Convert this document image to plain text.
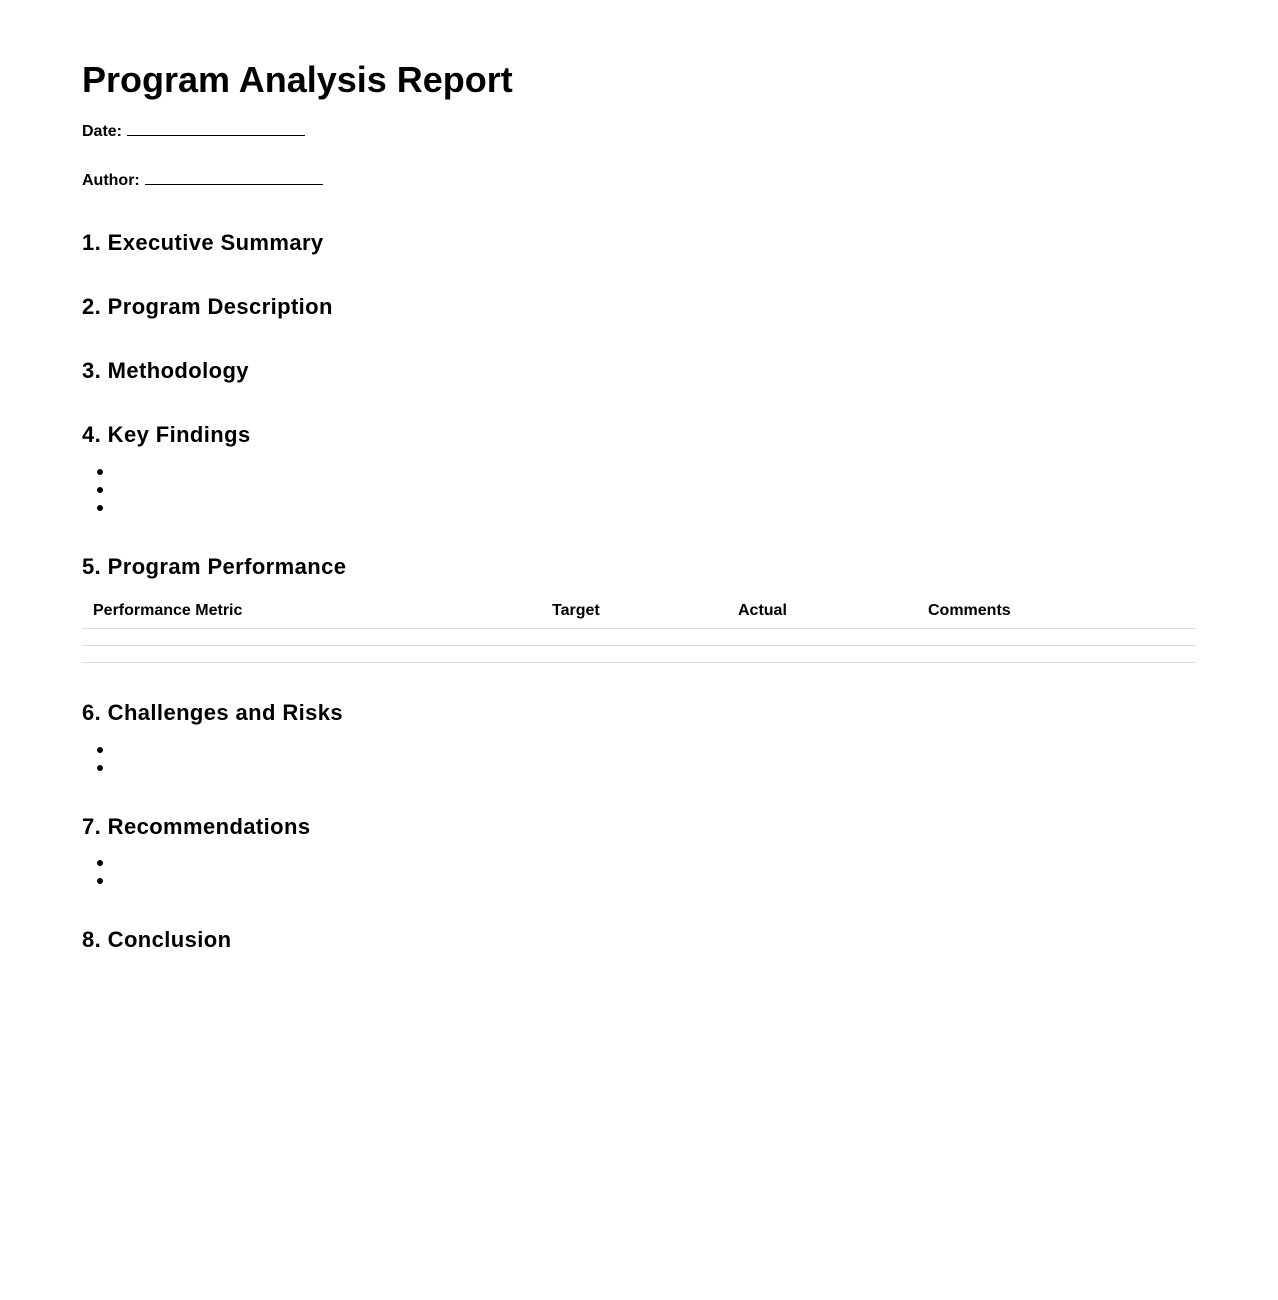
Program Analysis Report
Date:
Author:
1. Executive Summary
2. Program Description
3. Methodology
4. Key Findings
5. Program Performance
Performance Metric	Target	Actual	Comments
6. Challenges and Risks
7. Recommendations
8. Conclusion
